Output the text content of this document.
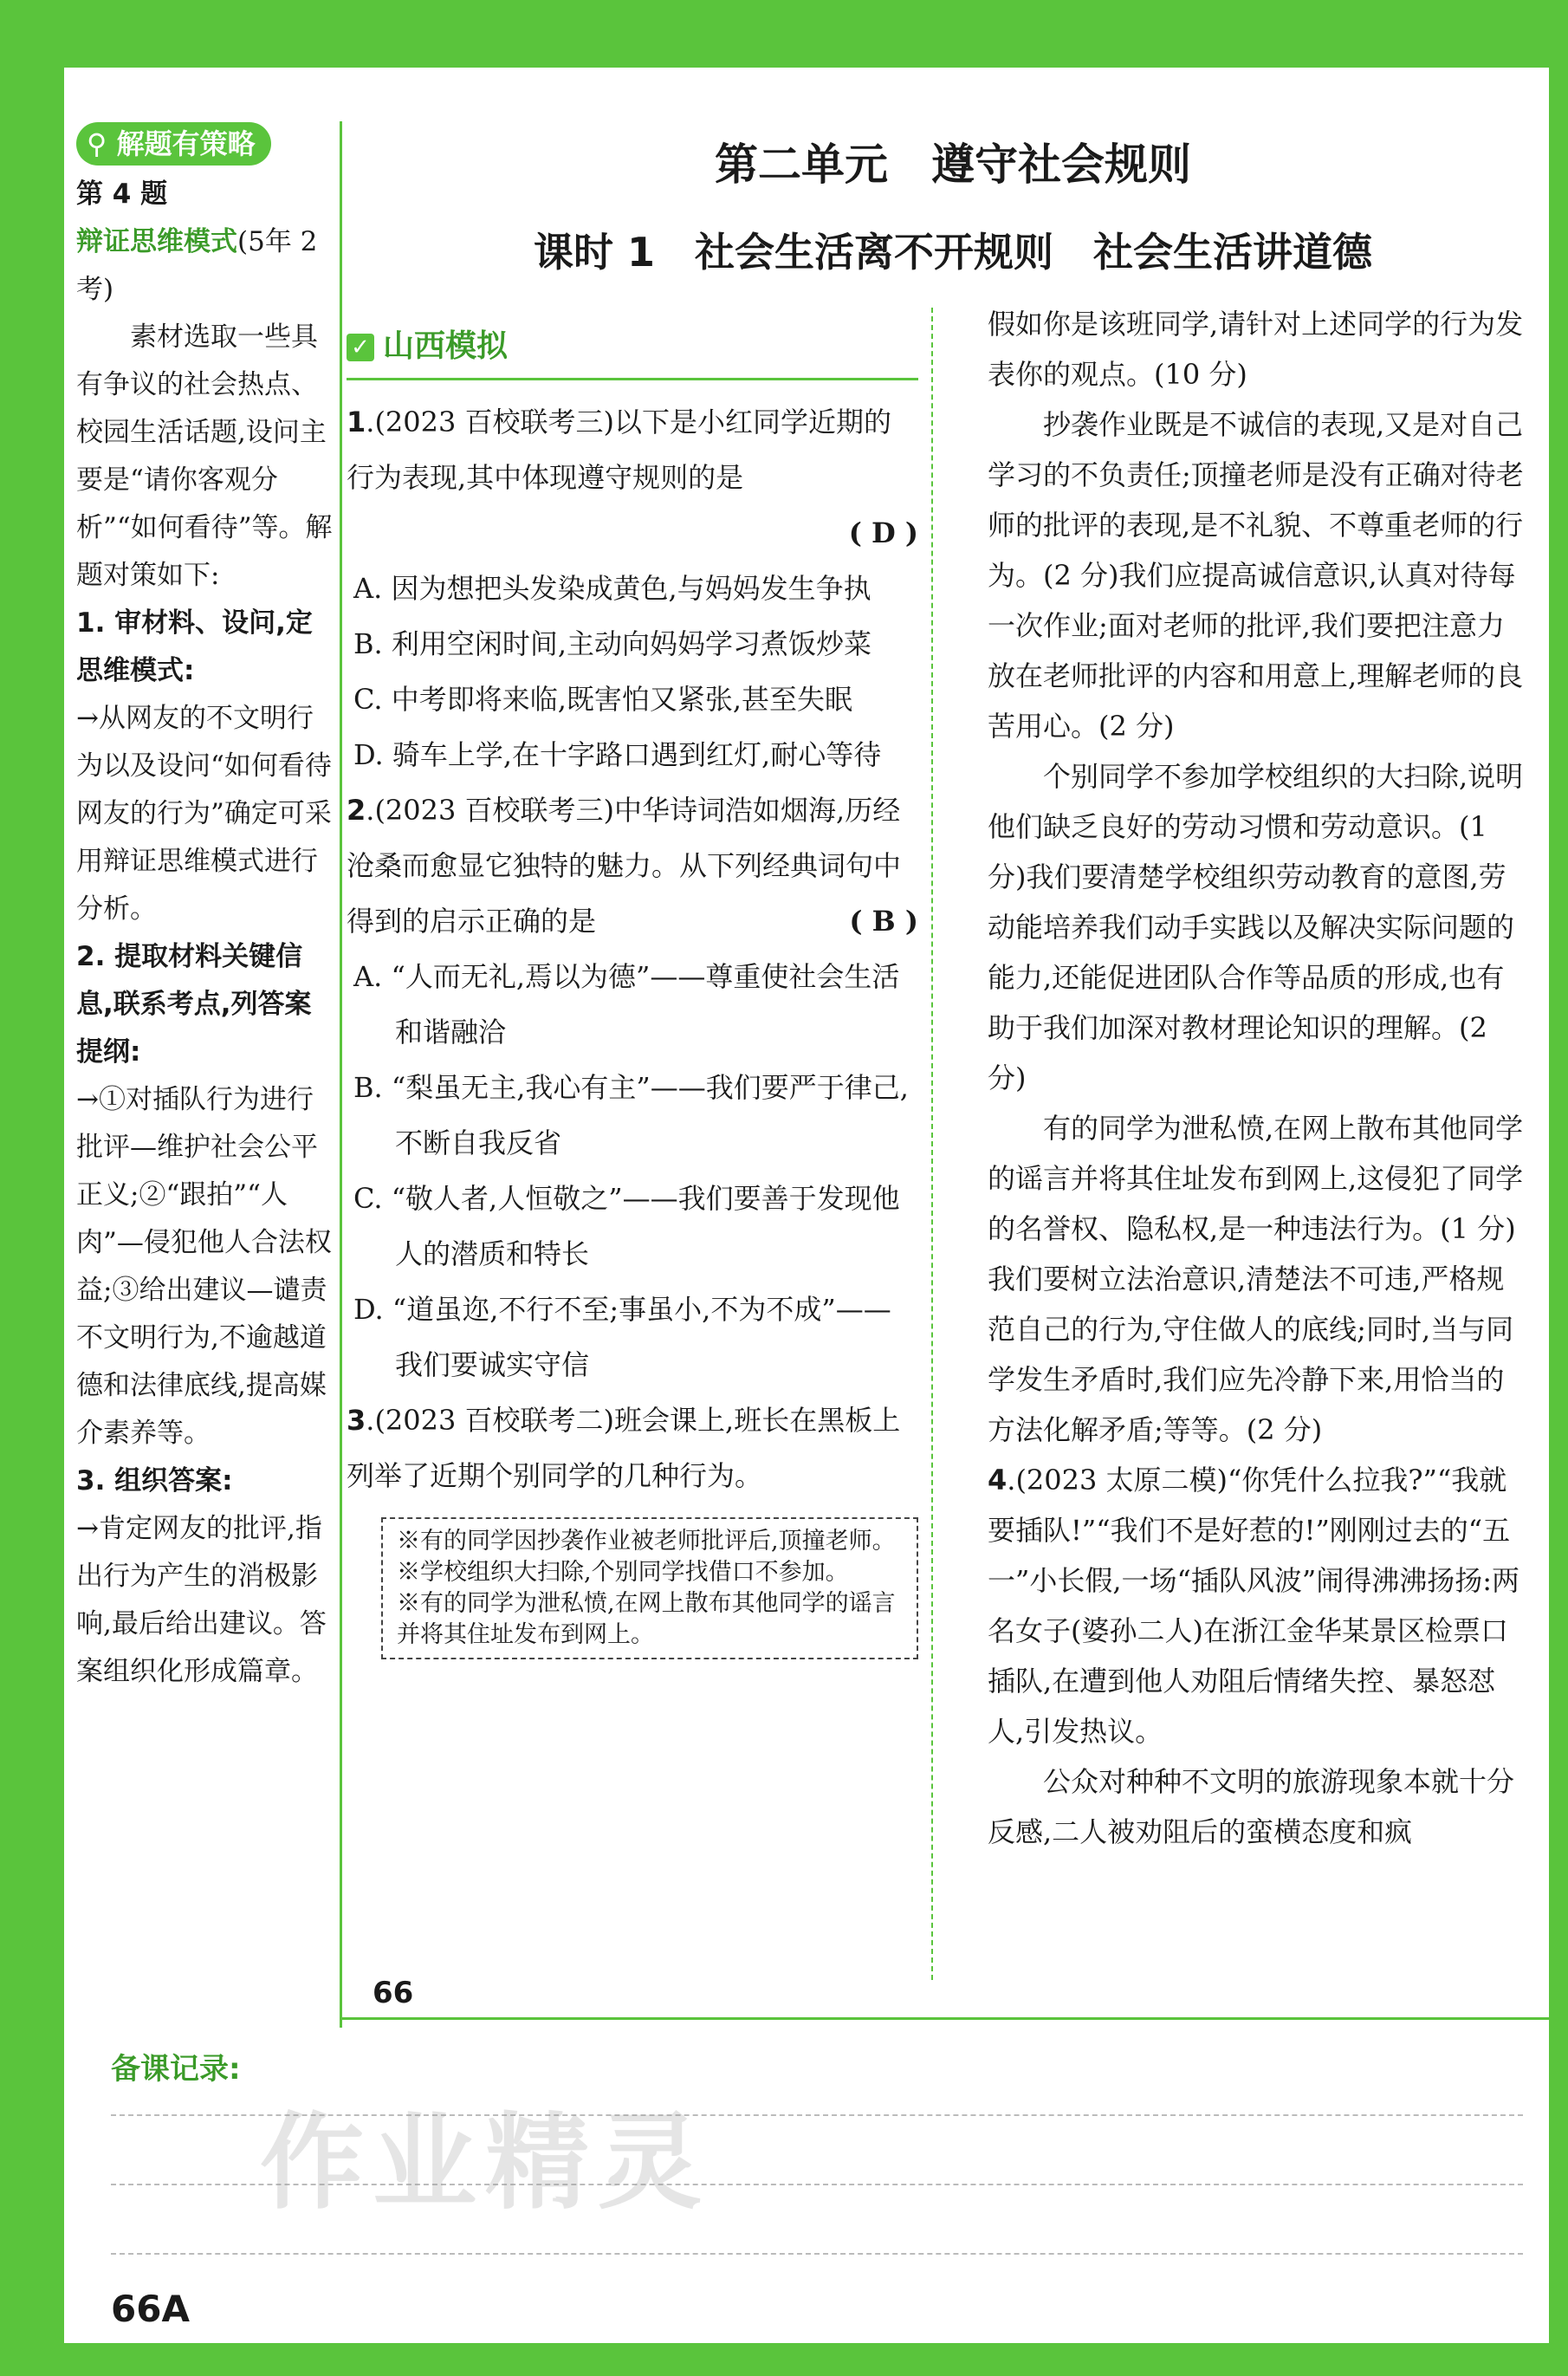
⚲ 解题有策略

第 4 题

辩证思维模式(5年 2 考)

素材选取一些具有争议的社会热点、校园生活话题,设问主要是“请你客观分析”“如何看待”等。解题对策如下:

1. 审材料、设问,定思维模式:

→从网友的不文明行为以及设问“如何看待网友的行为”确定可采用辩证思维模式进行分析。

2. 提取材料关键信息,联系考点,列答案提纲:

→①对插队行为进行批评—维护社会公平正义;②“跟拍”“人肉”—侵犯他人合法权益;③给出建议—谴责不文明行为,不逾越道德和法律底线,提高媒介素养等。

3. 组织答案:

→肯定网友的批评,指出行为产生的消极影响,最后给出建议。答案组织化形成篇章。

第二单元　遵守社会规则
课时 1　社会生活离不开规则　社会生活讲道德
✓ 山西模拟

1.(2023 百校联考三)以下是小红同学近期的行为表现,其中体现遵守规则的是

( D )

A. 因为想把头发染成黄色,与妈妈发生争执

B. 利用空闲时间,主动向妈妈学习煮饭炒菜

C. 中考即将来临,既害怕又紧张,甚至失眠

D. 骑车上学,在十字路口遇到红灯,耐心等待

2.(2023 百校联考三)中华诗词浩如烟海,历经沧桑而愈显它独特的魅力。从下列经典词句中得到的启示正确的是	( B )

A. “人而无礼,焉以为德”——尊重使社会生活和谐融洽

B. “梨虽无主,我心有主”——我们要严于律己,不断自我反省

C. “敬人者,人恒敬之”——我们要善于发现他人的潜质和特长

D. “道虽迩,不行不至;事虽小,不为不成”——我们要诚实守信

3.(2023 百校联考二)班会课上,班长在黑板上列举了近期个别同学的几种行为。

※有的同学因抄袭作业被老师批评后,顶撞老师。
※学校组织大扫除,个别同学找借口不参加。
※有的同学为泄私愤,在网上散布其他同学的谣言并将其住址发布到网上。

假如你是该班同学,请针对上述同学的行为发表你的观点。(10 分)

抄袭作业既是不诚信的表现,又是对自己学习的不负责任;顶撞老师是没有正确对待老师的批评的表现,是不礼貌、不尊重老师的行为。(2 分)我们应提高诚信意识,认真对待每一次作业;面对老师的批评,我们要把注意力放在老师批评的内容和用意上,理解老师的良苦用心。(2 分)

个别同学不参加学校组织的大扫除,说明他们缺乏良好的劳动习惯和劳动意识。(1 分)我们要清楚学校组织劳动教育的意图,劳动能培养我们动手实践以及解决实际问题的能力,还能促进团队合作等品质的形成,也有助于我们加深对教材理论知识的理解。(2 分)

有的同学为泄私愤,在网上散布其他同学的谣言并将其住址发布到网上,这侵犯了同学的名誉权、隐私权,是一种违法行为。(1 分)我们要树立法治意识,清楚法不可违,严格规范自己的行为,守住做人的底线;同时,当与同学发生矛盾时,我们应先冷静下来,用恰当的方法化解矛盾;等等。(2 分)

4.(2023 太原二模)“你凭什么拉我?”“我就要插队!”“我们不是好惹的!”刚刚过去的“五一”小长假,一场“插队风波”闹得沸沸扬扬:两名女子(婆孙二人)在浙江金华某景区检票口插队,在遭到他人劝阻后情绪失控、暴怒怼人,引发热议。

公众对种种不文明的旅游现象本就十分反感,二人被劝阻后的蛮横态度和疯

66
备课记录:
66A
作业精灵
